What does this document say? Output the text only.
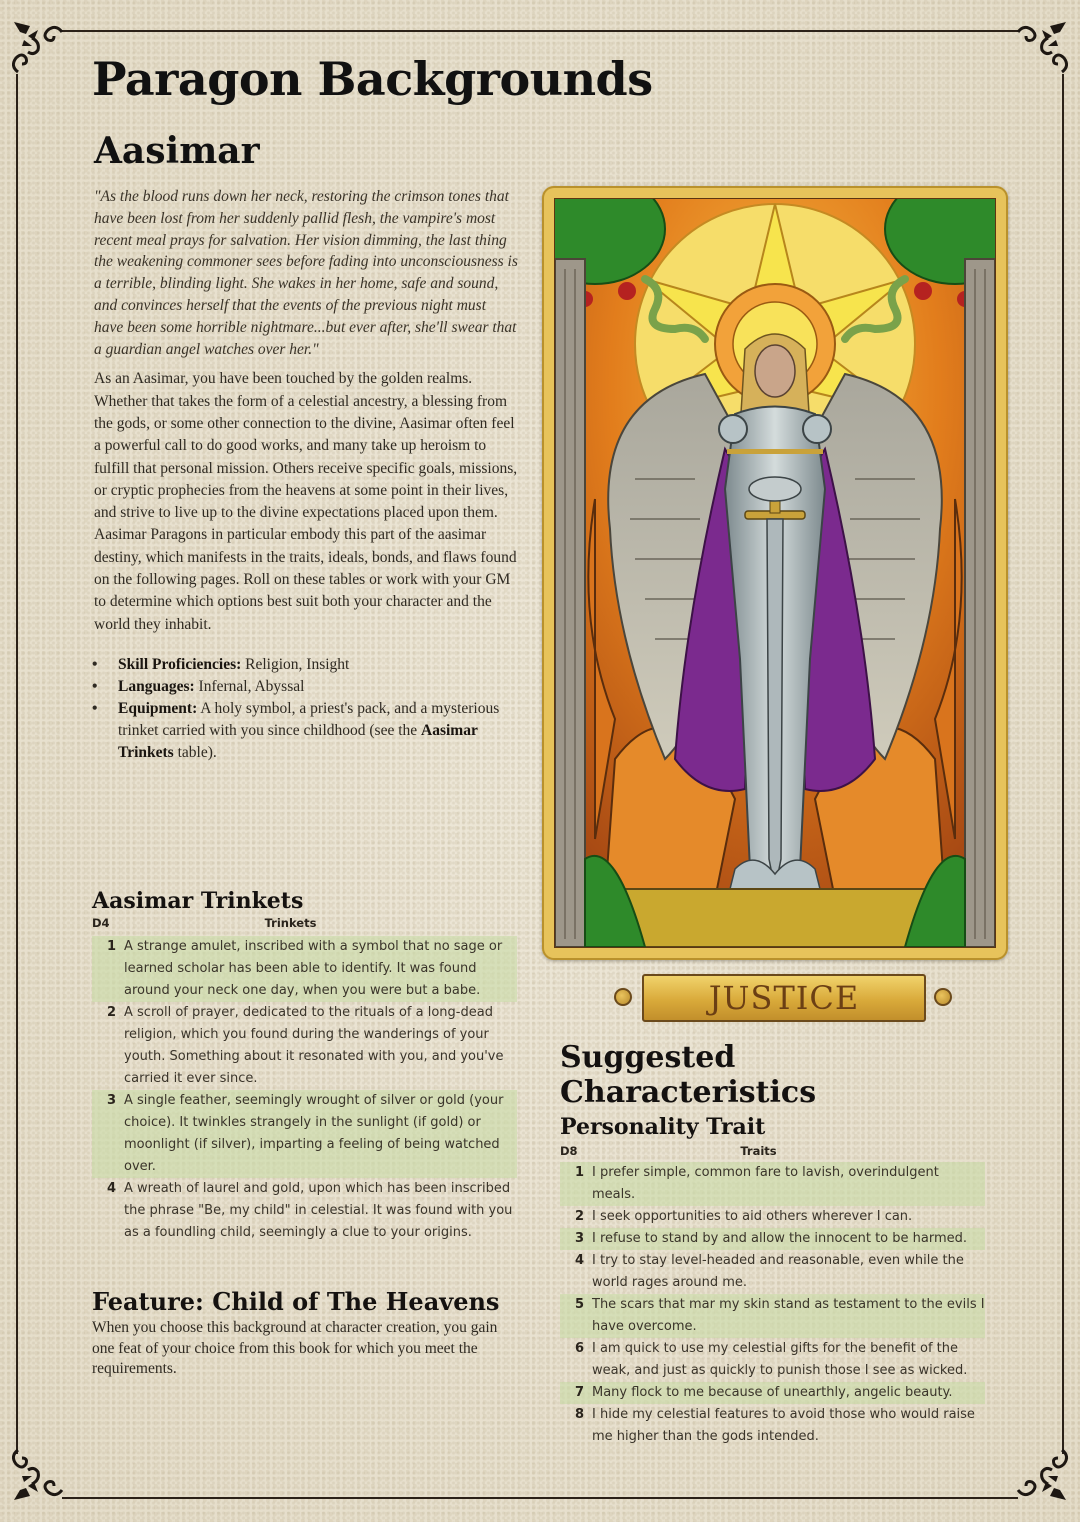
Paragon Backgrounds
Aasimar

"As the blood runs down her neck, restoring the crimson tones that have been lost from her suddenly pallid flesh, the vampire's most recent meal prays for salvation. Her vision dimming, the last thing the weakening commoner sees before fading into unconsciousness is a terrible, blinding light. She wakes in her home, safe and sound, and convinces herself that the events of the previous night must have been some horrible nightmare...but ever after, she'll swear that a guardian angel watches over her."

As an Aasimar, you have been touched by the golden realms. Whether that takes the form of a celestial ancestry, a blessing from the gods, or some other connection to the divine, Aasimar often feel a powerful call to do good works, and many take up heroism to fulfill that personal mission. Others receive specific goals, missions, or cryptic prophecies from the heavens at some point in their lives, and strive to live up to the divine expectations placed upon them.

Aasimar Paragons in particular embody this part of the aasimar destiny, which manifests in the traits, ideals, bonds, and flaws found on the following pages. Roll on these tables or work with your GM to determine which options best suit both your character and the world they inhabit.

• Skill Proficiencies: Religion, Insight
• Languages: Infernal, Abyssal
• Equipment: A holy symbol, a priest's pack, and a mysterious trinket carried with you since childhood (see the Aasimar Trinkets table).
Aasimar Trinkets
D4	Trinkets
1	A strange amulet, inscribed with a symbol that no sage or learned scholar has been able to identify. It was found around your neck one day, when you were but a babe.
2	A scroll of prayer, dedicated to the rituals of a long-dead religion, which you found during the wanderings of your youth. Something about it resonated with you, and you've carried it ever since.
3	A single feather, seemingly wrought of silver or gold (your choice). It twinkles strangely in the sunlight (if gold) or moonlight (if silver), imparting a feeling of being watched over.
4	A wreath of laurel and gold, upon which has been inscribed the phrase "Be, my child" in celestial. It was found with you as a foundling child, seemingly a clue to your origins.
Feature: Child of The Heavens

When you choose this background at character creation, you gain one feat of your choice from this book for which you meet the requirements.

JUSTICE
Suggested Characteristics
Personality Trait
D8	Traits
1	I prefer simple, common fare to lavish, overindulgent meals.
2	I seek opportunities to aid others wherever I can.
3	I refuse to stand by and allow the innocent to be harmed.
4	I try to stay level-headed and reasonable, even while the world rages around me.
5	The scars that mar my skin stand as testament to the evils I have overcome.
6	I am quick to use my celestial gifts for the benefit of the weak, and just as quickly to punish those I see as wicked.
7	Many flock to me because of unearthly, angelic beauty.
8	I hide my celestial features to avoid those who would raise me higher than the gods intended.
